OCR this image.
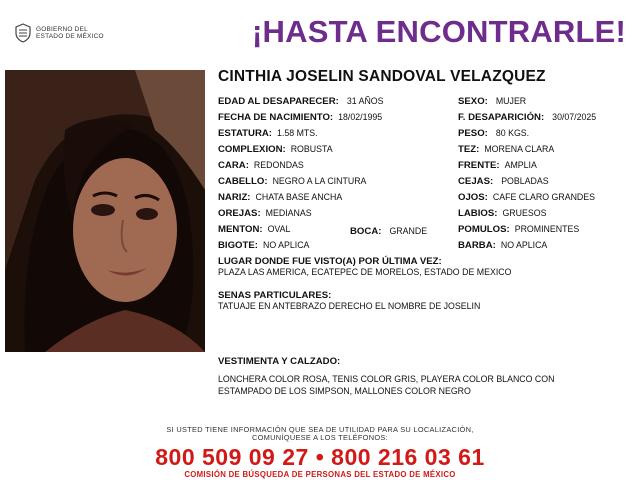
GOBIERNO DEL
ESTADO DE MÉXICO	¡HASTA ENCONTRARLE!
CINTHIA JOSELIN SANDOVAL VELAZQUEZ
EDAD AL DESAPARECER: 31 AÑOS
FECHA DE NACIMIENTO: 18/02/1995
ESTATURA: 1.58 MTS.
COMPLEXION: ROBUSTA
CARA: REDONDAS
CABELLO: NEGRO A LA CINTURA
NARIZ: CHATA BASE ANCHA
OREJAS: MEDIANAS
MENTON: OVAL	BOCA: GRANDE
BIGOTE: NO APLICA
SEXO: MUJER
F. DESAPARICIÓN: 30/07/2025
PESO: 80 KGS.
TEZ: MORENA CLARA
FRENTE: AMPLIA
CEJAS: POBLADAS
OJOS: CAFE CLARO GRANDES
LABIOS: GRUESOS
POMULOS: PROMINENTES
BARBA: NO APLICA
LUGAR DONDE FUE VISTO(A) POR ÚLTIMA VEZ:
PLAZA LAS AMERICA, ECATEPEC DE MORELOS, ESTADO DE MEXICO
SENAS PARTICULARES:
TATUAJE EN ANTEBRAZO DERECHO EL NOMBRE DE JOSELIN
VESTIMENTA Y CALZADO:
LONCHERA COLOR ROSA, TENIS COLOR GRIS, PLAYERA COLOR BLANCO CON
ESTAMPADO DE LOS SIMPSON, MALLONES COLOR NEGRO
SI USTED TIENE INFORMACIÓN QUE SEA DE UTILIDAD PARA SU LOCALIZACIÓN,
COMUNÍQUESE A LOS TELÉFONOS:
800 509 09 27 • 800 216 03 61
COMISIÓN DE BÚSQUEDA DE PERSONAS DEL ESTADO DE MÉXICO
